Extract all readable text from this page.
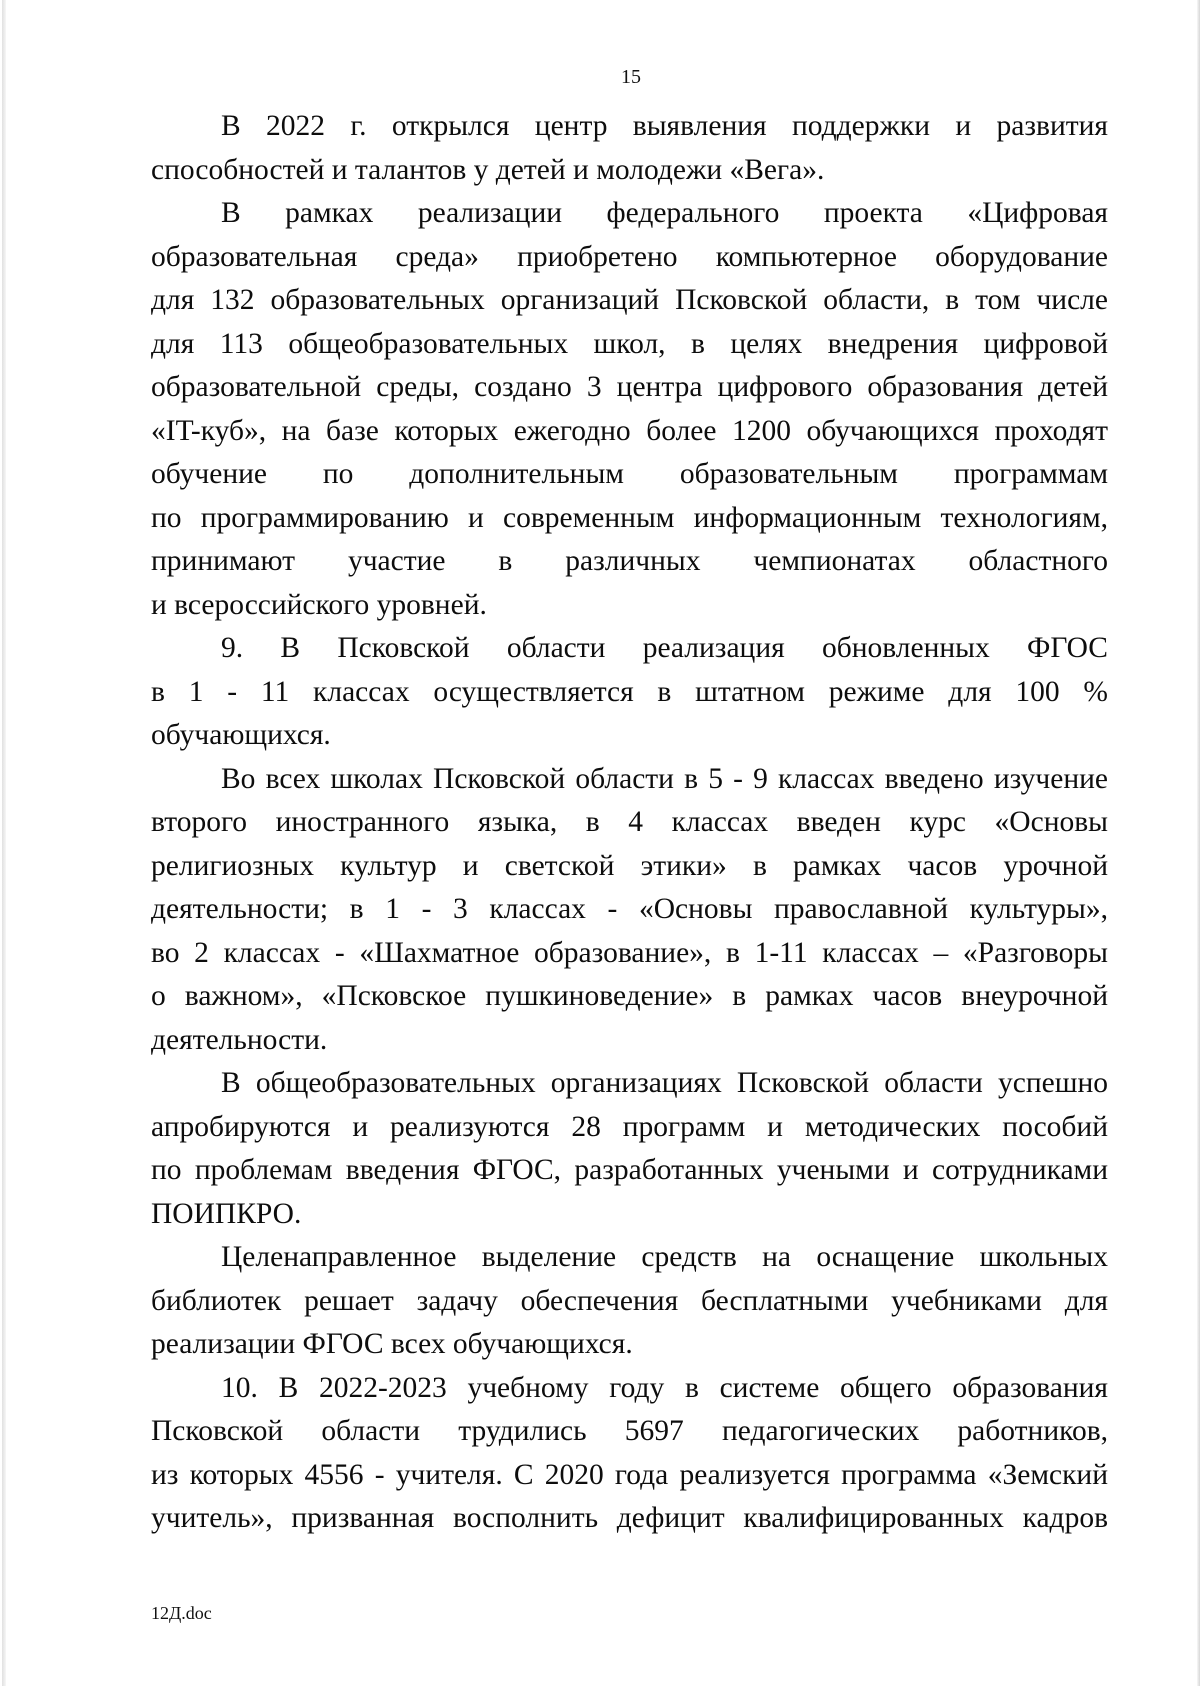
15
В 2022 г. открылся центр выявления поддержки и развития
способностей и талантов у детей и молодежи «Вега».
В рамках реализации федерального проекта «Цифровая
образовательная среда» приобретено компьютерное оборудование
для 132 образовательных организаций Псковской области, в том числе
для 113 общеобразовательных школ, в целях внедрения цифровой
образовательной среды, создано 3 центра цифрового образования детей
«IT-куб», на базе которых ежегодно более 1200 обучающихся проходят
обучение по дополнительным образовательным программам
по программированию и современным информационным технологиям,
принимают участие в различных чемпионатах областного
и всероссийского уровней.
9. В Псковской области реализация обновленных ФГОС
в 1 - 11 классах осуществляется в штатном режиме для 100 %
обучающихся.
Во всех школах Псковской области в 5 - 9 классах введено изучение
второго иностранного языка, в 4 классах введен курс «Основы
религиозных культур и светской этики» в рамках часов урочной
деятельности; в 1 - 3 классах - «Основы православной культуры»,
во 2 классах - «Шахматное образование», в 1-11 классах – «Разговоры
о важном», «Псковское пушкиноведение» в рамках часов внеурочной
деятельности.
В общеобразовательных организациях Псковской области успешно
апробируются и реализуются 28 программ и методических пособий
по проблемам введения ФГОС, разработанных учеными и сотрудниками
ПОИПКРО.
Целенаправленное выделение средств на оснащение школьных
библиотек решает задачу обеспечения бесплатными учебниками для
реализации ФГОС всех обучающихся.
10. В 2022-2023 учебному году в системе общего образования
Псковской области трудились 5697 педагогических работников,
из которых 4556 - учителя. С 2020 года реализуется программа «Земский
учитель», призванная восполнить дефицит квалифицированных кадров
12Д.doc
